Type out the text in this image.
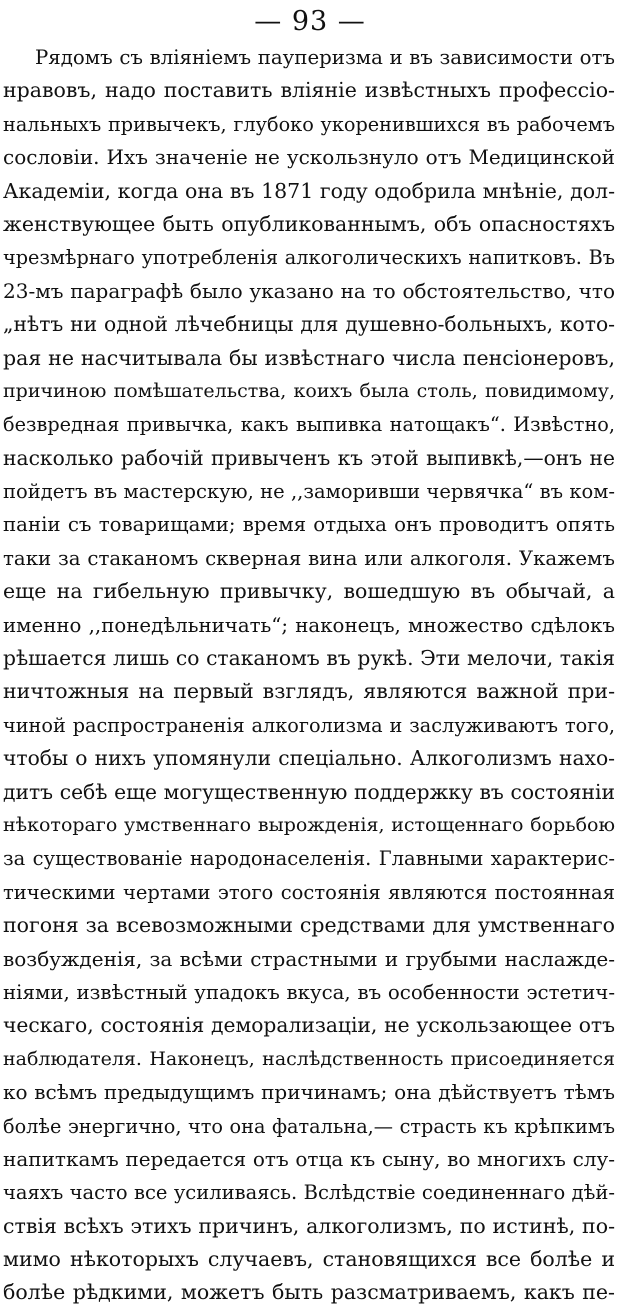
— 93 —
Рядомъ съ вліяніемъ пауперизма и въ зависимости отъ
нравовъ, надо поставить вліяніе извѣстныхъ профессіо-
нальныхъ привычекъ, глубоко укоренившихся въ рабочемъ
сословіи. Ихъ значеніе не ускользнуло отъ Медицинской
Академіи, когда она въ 1871 году одобрила мнѣніе, дол-
женствующее быть опубликованнымъ, объ опасностяхъ
чрезмѣрнаго употребленія алкоголическихъ напитковъ. Въ
23-мъ параграфѣ было указано на то обстоятельство, что
„нѣтъ ни одной лѣчебницы для душевно-больныхъ, кото-
рая не насчитывала бы извѣстнаго числа пенсіонеровъ,
причиною помѣшательства, коихъ была столь, повидимому,
безвредная привычка, какъ выпивка натощакъ“. Извѣстно,
насколько рабочій привыченъ къ этой выпивкѣ,—онъ не
пойдетъ въ мастерскую, не ,,заморивши червячка“ въ ком-
паніи съ товарищами; время отдыха онъ проводитъ опять
таки за стаканомъ скверная вина или алкоголя. Укажемъ
еще на гибельную привычку, вошедшую въ обычай, а
именно ,,понедѣльничать“; наконецъ, множество сдѣлокъ
рѣшается лишь со стаканомъ въ рукѣ. Эти мелочи, такія
ничтожныя на первый взглядъ, являются важной при-
чиной распространенія алкоголизма и заслуживаютъ того,
чтобы о нихъ упомянули спеціально. Алкоголизмъ нахо-
дитъ себѣ еще могущественную поддержку въ состояніи
нѣкотораго умственнаго вырожденія, истощеннаго борьбою
за существованіе народонаселенія. Главными характерис-
тическими чертами этого состоянія являются постоянная
погоня за всевозможными средствами для умственнаго
возбужденія, за всѣми страстными и грубыми наслажде-
ніями, извѣстный упадокъ вкуса, въ особенности эстетич-
ческаго, состоянія деморализаціи, не ускользающее отъ
наблюдателя. Наконецъ, наслѣдственность присоединяется
ко всѣмъ предыдущимъ причинамъ; она дѣйствуетъ тѣмъ
болѣе энергично, что она фатальна,— страсть къ крѣпкимъ
напиткамъ передается отъ отца къ сыну, во многихъ слу-
чаяхъ часто все усиливаясь. Вслѣдствіе соединеннаго дѣй-
ствія всѣхъ этихъ причинъ, алкоголизмъ, по истинѣ, по-
мимо нѣкоторыхъ случаевъ, становящихся все болѣе и
болѣе рѣдкими, можетъ быть разсматриваемъ, какъ пе-
